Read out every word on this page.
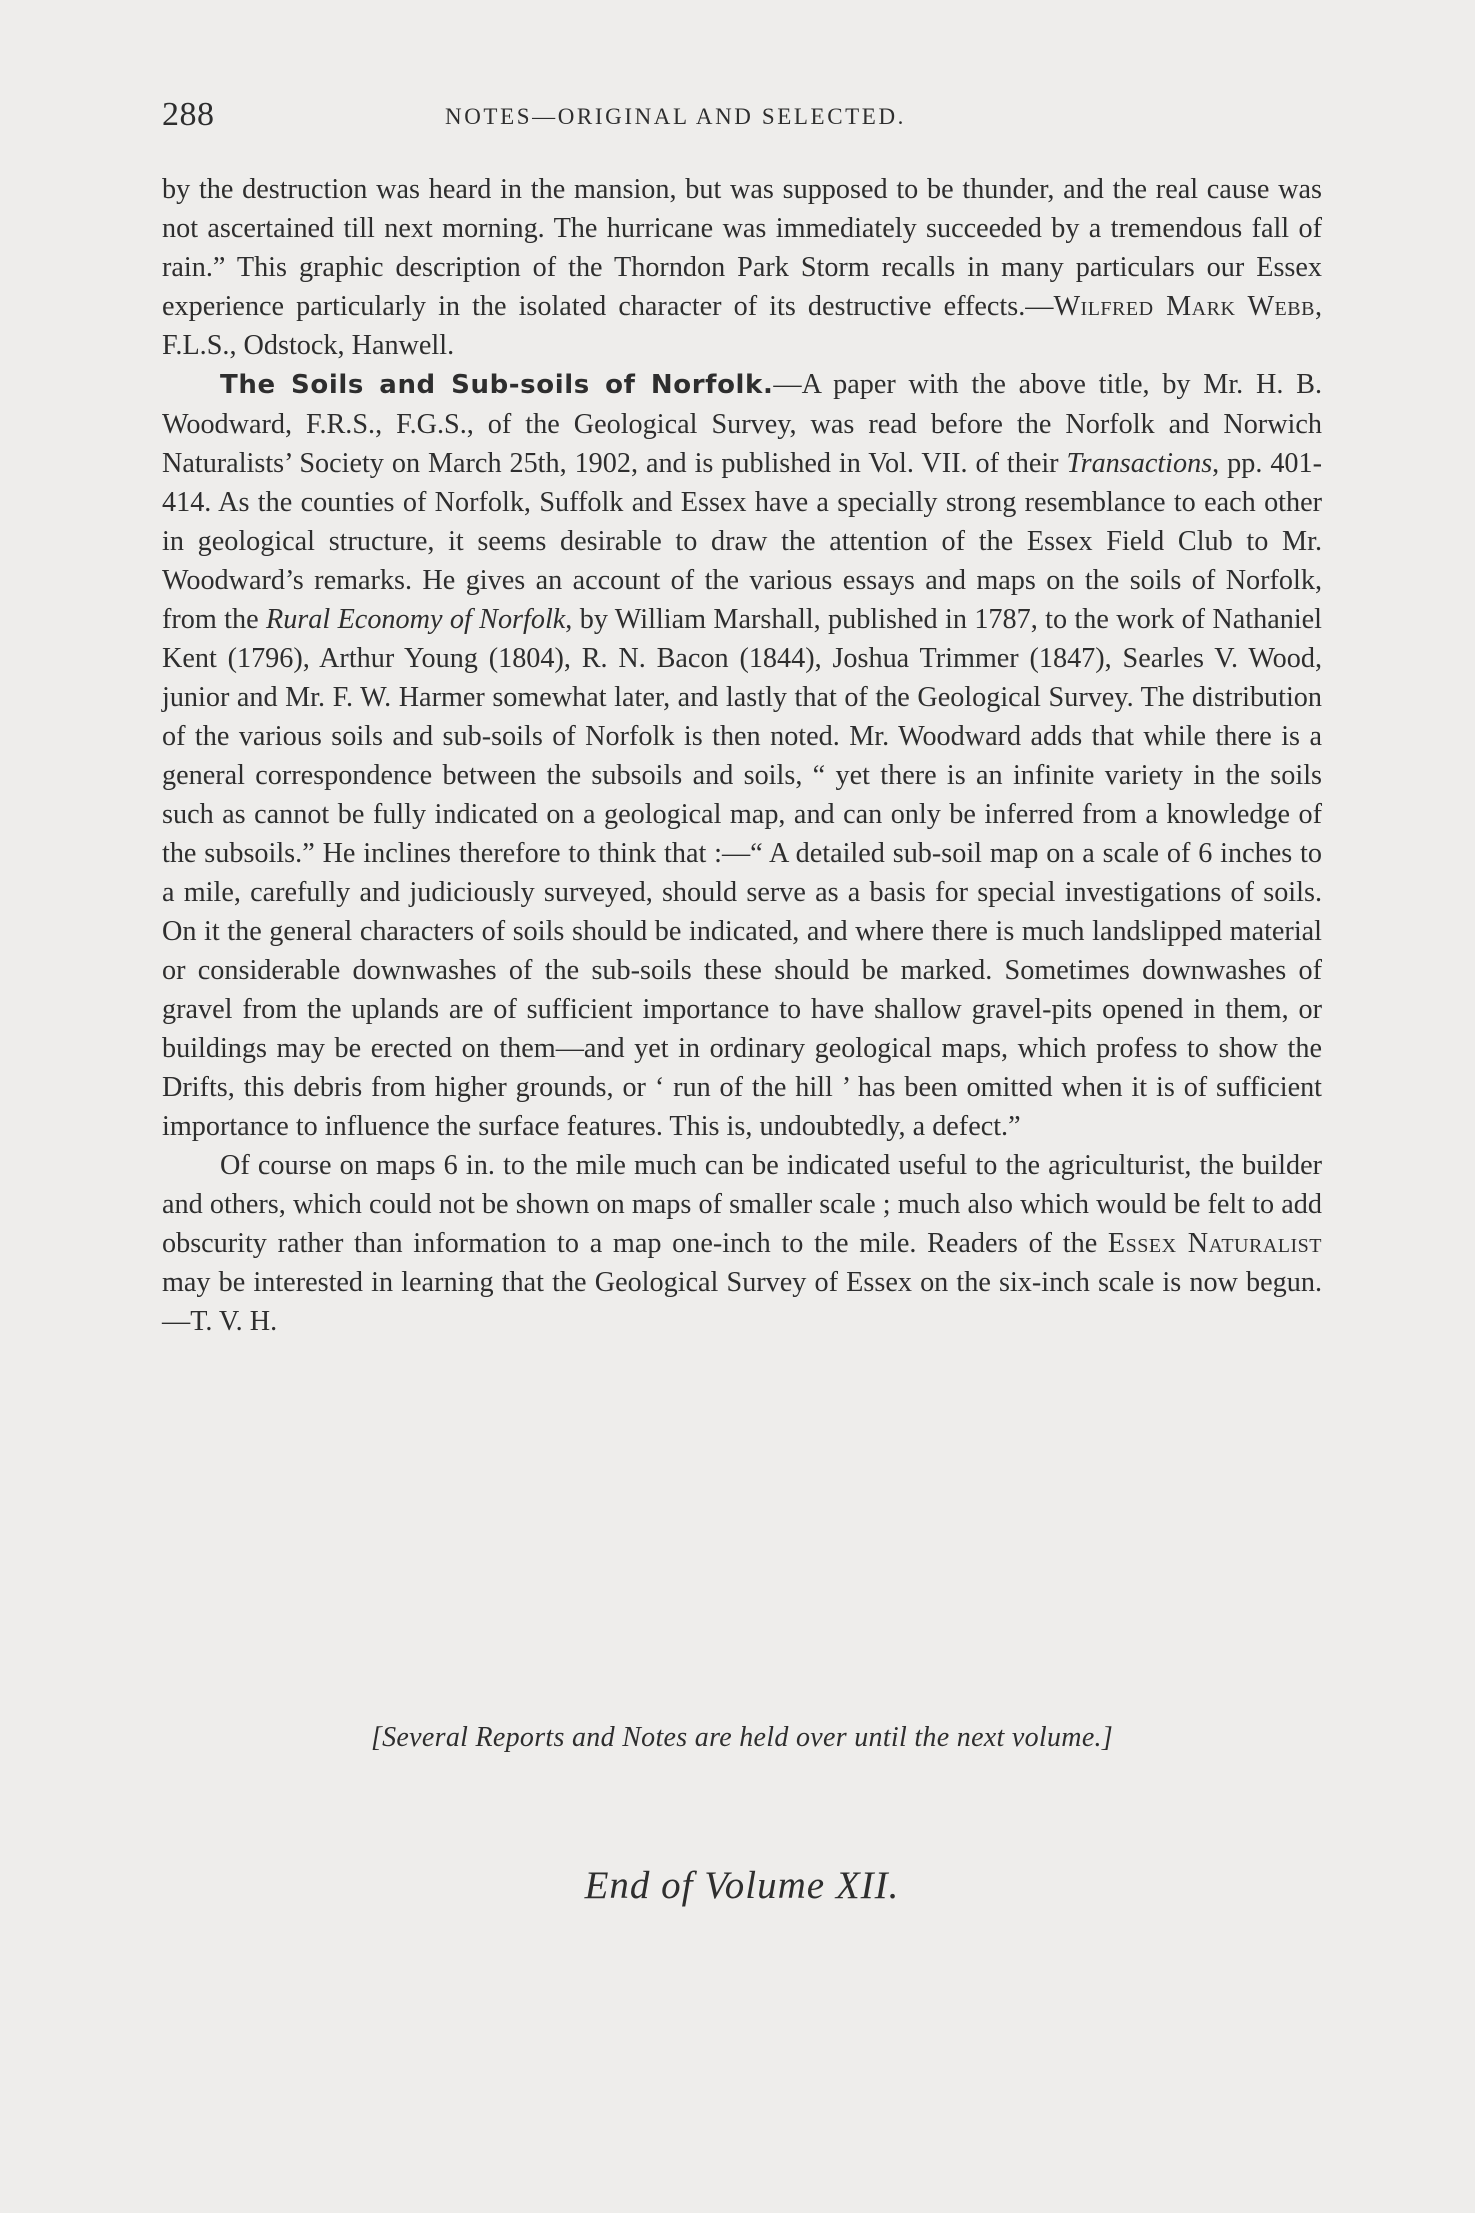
288	NOTES—ORIGINAL AND SELECTED.

by the destruction was heard in the mansion, but was supposed to be thunder, and the real cause was not ascertained till next morning. The hurricane was immediately succeeded by a tremendous fall of rain.” This graphic description of the Thorndon Park Storm recalls in many particulars our Essex experience particularly in the isolated character of its destructive effects.—Wilfred Mark Webb, F.L.S., Odstock, Hanwell.

The Soils and Sub-soils of Norfolk.—A paper with the above title, by Mr. H. B. Woodward, F.R.S., F.G.S., of the Geological Survey, was read before the Norfolk and Norwich Naturalists’ Society on March 25th, 1902, and is published in Vol. VII. of their Transactions, pp. 401-414. As the counties of Norfolk, Suffolk and Essex have a specially strong resemblance to each other in geological structure, it seems desirable to draw the attention of the Essex Field Club to Mr. Woodward’s remarks. He gives an account of the various essays and maps on the soils of Norfolk, from the Rural Economy of Norfolk, by William Marshall, published in 1787, to the work of Nathaniel Kent (1796), Arthur Young (1804), R. N. Bacon (1844), Joshua Trimmer (1847), Searles V. Wood, junior and Mr. F. W. Harmer somewhat later, and lastly that of the Geological Survey. The distribution of the various soils and sub-soils of Norfolk is then noted. Mr. Woodward adds that while there is a general correspondence between the subsoils and soils, “ yet there is an infinite variety in the soils such as cannot be fully indicated on a geological map, and can only be inferred from a knowledge of the subsoils.” He inclines therefore to think that :—“ A detailed sub-soil map on a scale of 6 inches to a mile, carefully and judiciously surveyed, should serve as a basis for special investigations of soils. On it the general characters of soils should be indicated, and where there is much landslipped material or considerable downwashes of the sub-soils these should be marked. Sometimes downwashes of gravel from the uplands are of sufficient importance to have shallow gravel-pits opened in them, or buildings may be erected on them—and yet in ordinary geological maps, which profess to show the Drifts, this debris from higher grounds, or ‘ run of the hill ’ has been omitted when it is of sufficient importance to influence the surface features. This is, undoubtedly, a defect.”

Of course on maps 6 in. to the mile much can be indicated useful to the agriculturist, the builder and others, which could not be shown on maps of smaller scale ; much also which would be felt to add obscurity rather than information to a map one-inch to the mile. Readers of the Essex Naturalist may be interested in learning that the Geological Survey of Essex on the six-inch scale is now begun.—T. V. H.

[Several Reports and Notes are held over until the next volume.]
End of Volume XII.
